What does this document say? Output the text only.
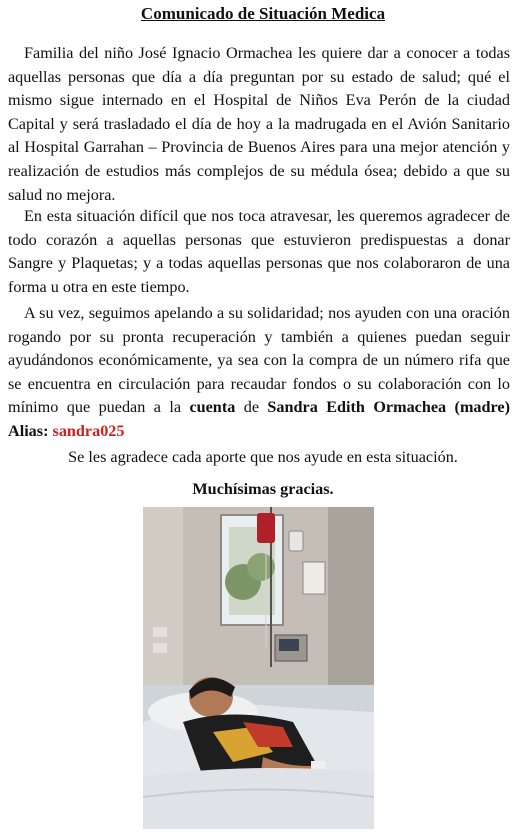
Comunicado de Situación Medica

Familia del niño José Ignacio Ormachea les quiere dar a conocer a todas aquellas personas que día a día preguntan por su estado de salud; qué el mismo sigue internado en el Hospital de Niños Eva Perón de la ciudad Capital y será trasladado el día de hoy a la madrugada en el Avión Sanitario al Hospital Garrahan – Provincia de Buenos Aires para una mejor atención y realización de estudios más complejos de su médula ósea; debido a que su salud no mejora.

En esta situación difícil que nos toca atravesar, les queremos agradecer de todo corazón a aquellas personas que estuvieron predispuestas a donar Sangre y Plaquetas; y a todas aquellas personas que nos colaboraron de una forma u otra en este tiempo.

A su vez, seguimos apelando a su solidaridad; nos ayuden con una oración rogando por su pronta recuperación y también a quienes puedan seguir ayudándonos económicamente, ya sea con la compra de un número rifa que se encuentra en circulación para recaudar fondos o su colaboración con lo mínimo que puedan a la cuenta de Sandra Edith Ormachea (madre) Alias: sandra025

Se les agradece cada aporte que nos ayude en esta situación.
Muchísimas gracias.
